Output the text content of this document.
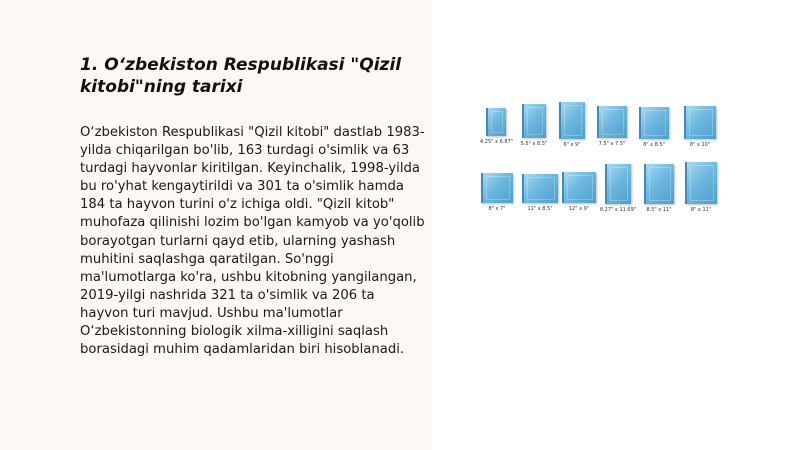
1. O‘zbekiston Respublikasi "Qizil kitobi"ning tarixi

O‘zbekiston Respublikasi "Qizil kitobi" dastlab 1983-yilda chiqarilgan bo'lib, 163 turdagi o'simlik va 63 turdagi hayvonlar kiritilgan. Keyinchalik, 1998-yilda bu ro'yhat kengaytirildi va 301 ta o'simlik hamda 184 ta hayvon turini o'z ichiga oldi. "Qizil kitob" muhofaza qilinishi lozim bo'lgan kamyob va yo'qolib borayotgan turlarni qayd etib, ularning yashash muhitini saqlashga qaratilgan. So'nggi ma'lumotlarga ko'ra, ushbu kitobning yangilangan, 2019-yilgi nashrida 321 ta o'simlik va 206 ta hayvon turi mavjud. Ushbu ma'lumotlar O‘zbekistonning biologik xilma-xilligini saqlash borasidagi muhim qadamlaridan biri hisoblanadi.

4.25" x 6.87"	5.5" x 8.5"	6" x 9"	7.5" x 7.5"	8" x 8.5"	8" x 10"
8" x 7"	11" x 8.5"	12" x 9"	8.27" x 11.69"	8.5" x 11"	8" x 11"
